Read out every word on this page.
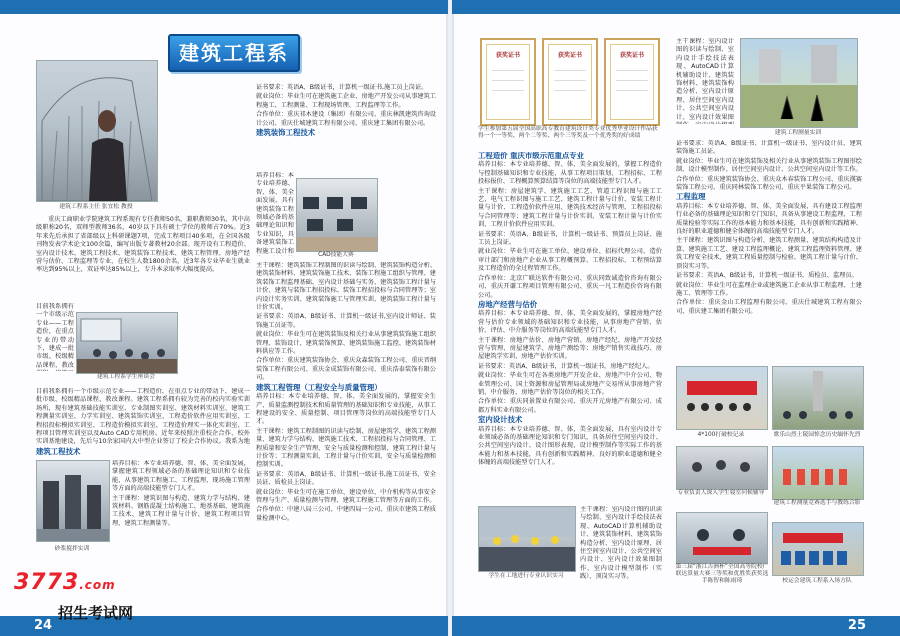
建筑工程系
建筑工程系主任 张宜松 教授
建筑工程系学生座谈会
砂浆搅拌实训
CAD技能大赛

重庆工商职业学院建筑工程系现有专任教师50名，兼职教师30名，其中高级职称20名，双师型教师36名，40岁以下具有硕士学位的教师占70%。近3年来先后承担了省部级以上科研课题7项，完成工程项目40多项，在全国各级刊物发表学术论文100余篇，编写出版专著教材20余部。现开设有工程造价、室内设计技术、建筑工程技术、建筑装饰工程技术、建筑工程管理、房地产经营与估价、工程监理等专业，在校生人数1800余名，近3年各专业毕业生就业率达到95%以上，双证率达85%以上，专升本录取率大幅度提高。

目前我系拥有一个市级示范专业——工程造价，在重点专业的带动下，建成一批市级、校级精品课程、教改

目前我系拥有一个市级示范专业——工程造价，在重点专业的带动下，建成一批市级、校级精品课程、教改课程。建筑工程系拥有较为完善的校内实验实训场所，现有建筑基础技能实训室、专业制图实训室、建筑材料实训室、建筑工程测量实训室、力学实训室、建筑装饰实训室、工程造价软件应用实训室、工程招投标模拟实训室、工程造价模拟实训室、工程造价理实一体化实训室、工程项目管理实训室以及Auto CAD专用机房。近年来按照注重校企合作、校外实训基地建设，先后与10余家国内大中型企业签订了校企合作协议。我系为地

建筑工程技术

培养目标：本专业培养德、智、体、美全面发展，掌握建筑工程领域必备的基础理论知识和专业技能，从事建筑工程施工、工程监理、现场施工管理等方面的高端技能型专门人才。

主干课程：建筑识图与构造、建筑力学与结构、建筑材料、钢筋混凝土结构施工、地基基础、建筑施工技术、建筑工程计量与计价、建筑工程项目管理、建筑工程测量等。

证书要求：英语A、B级证书，计算机一级证书,施工员上岗证。

就业岗位：毕业生可在建筑施工企业、房地产开发公司从事建筑工程施工、工程测量、工程现场管理、工程监理等工作。

合作单位：重庆祁木建设（集团）有限公司、重庆林凯建筑咨询设计公司、重庆仕城建筑工程有限公司、重庆建工集团有限公司。

建筑装饰工程技术

培养目标：本专业培养德、智、体、美全面发展，具有建筑装饰工程领域必备的基础理论知识和专业知识，具备建筑装饰工程施工设计和

主干课程：建筑装饰工程制图的识读与绘制、建筑装饰构造分析、建筑装饰材料、建筑装饰施工技术、装饰工程施工组织与管理、建筑装饰工程监理基础、室内设计基础与实务、建筑装饰工程计量与计价、建筑与装饰工程招投标、装饰工程招投标与合同管理等；室内设计实务实训、建筑装饰施工与管理实训、建筑装饰工程计量与计价实训。

证书要求：英语A、B级证书、计算机一级证书,室内设计师证、装饰施工员证等。

就业岗位：毕业生可在建筑装饰及相关行业从事建筑装饰施工组织管理、装饰设计、建筑装饰预算、建筑装饰施工监控、建筑装饰材料供应等工作。

合作单位：重庆建筑装饰协会、重庆众森装饰工程公司、重庆晋纲装饰工程有限公司、重庆金成装饰有限公司、重庆浩泰装饰有限公司。

建筑工程管理（工程安全与质量管理）

培养目标：本专业培养德、智、体、美全面发展的，掌握安全生产、质量监测控制技术和质量管理的基础知识和专业技能，从事工程建设的安全、质量控制、项目管理等岗位的高端技能型专门人才。

主干课程：建筑工程制图的识读与绘制、房屋建筑学、建筑工程测量、建筑力学与结构、建筑施工技术、工程招投标与合同管理、工程质量和安全生产管理、安全与质量检测和控制、建筑工程计量与计价等；工程测量实训、工程计量与计价实训、安全与质量检测和控制实训。

证书要求：英语A、B级证书、计算机一级证书,施工员证书、安全员证、质检员上岗证。

就业岗位：毕业生可在施工单位、建设单位、中介机构等从事安全管理与生产、质量检测与管理、建筑工程施工管理等方面的工作。

合作单位：中建八局三公司、中建四局一公司、重庆市建筑工程质量检测中心。

获奖证书	获奖证书	获奖证书
学生参加第五届全国高职高专教育建筑设计类专业优秀毕业设计作品获得一个一等奖、两个二等奖、两个三等奖及一个优秀奖的好成绩	建筑工程测量实训
学生在工地进行专业认识实习
4*100打破校记录	歌乐山烈士陵园悼念历史缅怀先烈
专业负责人深入学生寝室问候辅导
建筑工程测量竞赛选手与教练合影
第三届“浙江吉洲杯”全国高等院校广联达算量大赛三等奖和优胜奖获奖选手陈智和陈雨琦	校运会建筑工程系入场方队

工程造价 重庆市级示范重点专业

培养目标：本专业培养德、智、体、美全面发展的，掌握工程造价与控制基础知识和专业技能，从事工程项目策划、工程招标、工程投标报价、工程概算预算结算等岗位的高端技能型专门人才。

主干课程：房屋建筑学、建筑施工工艺、管道工程识图与施工工艺、电气工程识图与施工工艺、建筑工程计量与计价、安装工程计量与计价、工程造价软件应用、建筑技术经济与管理、工程招投标与合同管理等；建筑工程计量与计价实训、安装工程计量与计价实训、工程计价软件应用实训。

证书要求：英语A、B级证书，计算机一级证书、预算员上岗证、施工员上岗证。

就业岗位：毕业生可在施工单位、建设单位、招标代理公司、造价审计部门和房地产企业从事工程概预算、工程招投标、工程预结算及工程造价的全过程管理工作。

合作单位：北京广联达软件有限公司、重庆同致诚造价咨询有限公司、重庆开谦工程项目管理有限公司、重庆一凡工程造价咨询有限公司。

房地产经营与估价

培养目标：本专业培养德、智、体、美全面发展的，掌握房地产经营与估价专业领域的基础知识和专业技能，从事房地产营销、估价、评估、中介服务等岗位的高端技能型专门人才。

主干课程：房地产估价、房地产营销、房地产经纪、房地产开发经营与管理、房屋建筑学、房地产测绘等；房地产销售实战技巧、房屋建筑学实训、房地产估价实训。

证书要求：英语A、B级证书，计算机一级证书，房地产经纪人。

就业岗位：毕业生可在各类房地产开发企业、房地产中介公司、物业管理公司、国土资源和房屋管理局或房地产交易所从事房地产营销、中介服务、房地产估价等岗位的相关工作。

合作单位：重庆同景置业有限公司、重庆开元房地产有限公司、成都万科实业有限公司。

室内设计技术

培养目标：本专业培养德、智、体、美全面发展，具有室内设计专业领域必备的基础理论知识和专门知识，具备居住空间室内设计、公共空间室内设计、设计图形表现、设计模型制作等实际工作的基本能力和基本技能，具有创新和实践精神、良好的职业道德和健全体魄的高端技能型专门人才。

主干课程：室内设计图的识读与绘制、室内设计手绘技法表现、AutoCAD计算机辅助设计、建筑装饰材料、建筑装饰构造分析、室内设计原理、居住空间室内设计、公共空间室内设计、室内设计效果图制作、室内设计模型制作（实践）、顶岗实习等。

主干课程：室内设计图的识读与绘制、室内设计手绘技法表现、AutoCAD计算机辅助设计、建筑装饰材料、建筑装饰构造分析、室内设计原理、居住空间室内设计、公共空间室内设计、室内设计效果图

证书要求：英语A、B级证书、计算机一级证书、室内设计员、建筑装饰施工员证。

就业岗位：毕业生可在建筑装饰及相关行业从事建筑装饰工程图形绘制、设计模型制作、居住空间室内设计、公共空间室内设计等工作。

合作单位：重庆建筑装饰协会、重庆众木春装饰工程公司、重庆漢赛装饰工程公司、重庆同林装饰工程公司、重庆平果装饰工程公司。

工程监理

培养目标：本专业培养德、智、体、美全面发展，具有建设工程监理行业必备的基础理论知识和专门知识，具备从事建设工程监理、工程质量检验等实际工作的基本能力和基本技能，具有创新和实践精神、良好的职业道德和健全体魄的高端技能型专门人才。

主干课程：建筑识图与构造分析、建筑工程测量、建筑结构构造及计算、建筑施工工艺、建设工程监理概论、建筑工程监理资料管理、建筑工程安全技术、建筑工程质量控制与检验、建筑工程计量与计价、顶岗实习等。

证书要求：英语A、B级证书，计算机一级证书，质检员、监理员。

就业岗位：毕业生可在监理企业或建筑施工企业从事工程监理、土建施工、管理等工作。

合作单位：重庆金山工程监理有限公司、重庆仕城建筑工程有限公司、重庆建工集团有限公司。

24	25
3773.com
招生考试网
